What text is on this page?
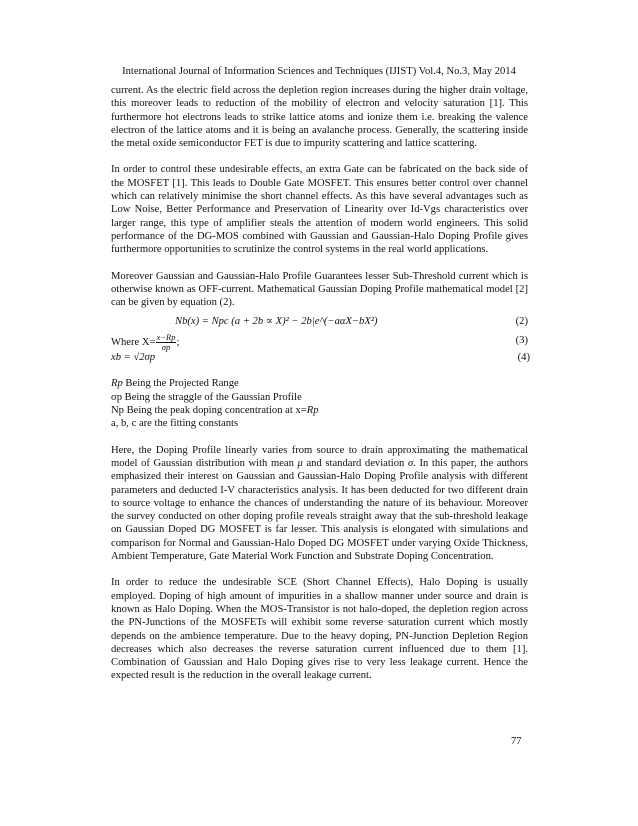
International Journal of Information Sciences and Techniques (IJIST) Vol.4, No.3, May 2014

current. As the electric field across the depletion region increases during the higher drain voltage, this moreover leads to reduction of the mobility of electron and velocity saturation [1]. This furthermore hot electrons leads to strike lattice atoms and ionize them i.e. breaking the valence electron of the lattice atoms and it is being an avalanche process. Generally, the scattering inside the metal oxide semiconductor FET is due to impurity scattering and lattice scattering.

In order to control these undesirable effects, an extra Gate can be fabricated on the back side of the MOSFET [1]. This leads to Double Gate MOSFET. This ensures better control over channel which can relatively minimise the short channel effects. As this have several advantages such as Low Noise, Better Performance and Preservation of Linearity over Id-Vgs characteristics over larger range, this type of amplifier steals the attention of modern world engineers. This solid performance of the DG-MOS combined with Gaussian and Gaussian-Halo Doping Profile gives furthermore opportunities to scrutinize the control systems in the real world applications.

Moreover Gaussian and Gaussian-Halo Profile Guarantees lesser Sub-Threshold current which is otherwise known as OFF-current. Mathematical Gaussian Doping Profile mathematical model [2] can be given by equation (2).

Nb(x) = Npc (a + 2b ∝ X)² − 2b|e^(−aαX−bX²)	(2)
Where $X= \frac{x-Rp}{\sigma p}$ ;	(3)
xb = √2σp	(4)
Rp Being the Projected Range
σp Being the straggle of the Gaussian Profile
Np Being the peak doping concentration at x=Rp
a, b, c are the fitting constants

Here, the Doping Profile linearly varies from source to drain approximating the mathematical model of Gaussian distribution with mean μ and standard deviation σ. In this paper, the authors emphasized their interest on Gaussian and Gaussian-Halo Doping Profile analysis with different parameters and deducted I-V characteristics analysis. It has been deducted for two different drain to source voltage to enhance the chances of understanding the nature of its behaviour. Moreover the survey conducted on other doping profile reveals straight away that the sub-threshold leakage on Gaussian Doped DG MOSFET is far lesser. This analysis is elongated with simulations and comparison for Normal and Gaussian-Halo Doped DG MOSFET under varying Oxide Thickness, Ambient Temperature, Gate Material Work Function and Substrate Doping Concentration.

In order to reduce the undesirable SCE (Short Channel Effects), Halo Doping is usually employed. Doping of high amount of impurities in a shallow manner under source and drain is known as Halo Doping. When the MOS-Transistor is not halo-doped, the depletion region across the PN-Junctions of the MOSFETs will exhibit some reverse saturation current which mostly depends on the ambience temperature. Due to the heavy doping, PN-Junction Depletion Region decreases which also decreases the reverse saturation current influenced due to them [1]. Combination of Gaussian and Halo Doping gives rise to very less leakage current. Hence the expected result is the reduction in the overall leakage current.

77
